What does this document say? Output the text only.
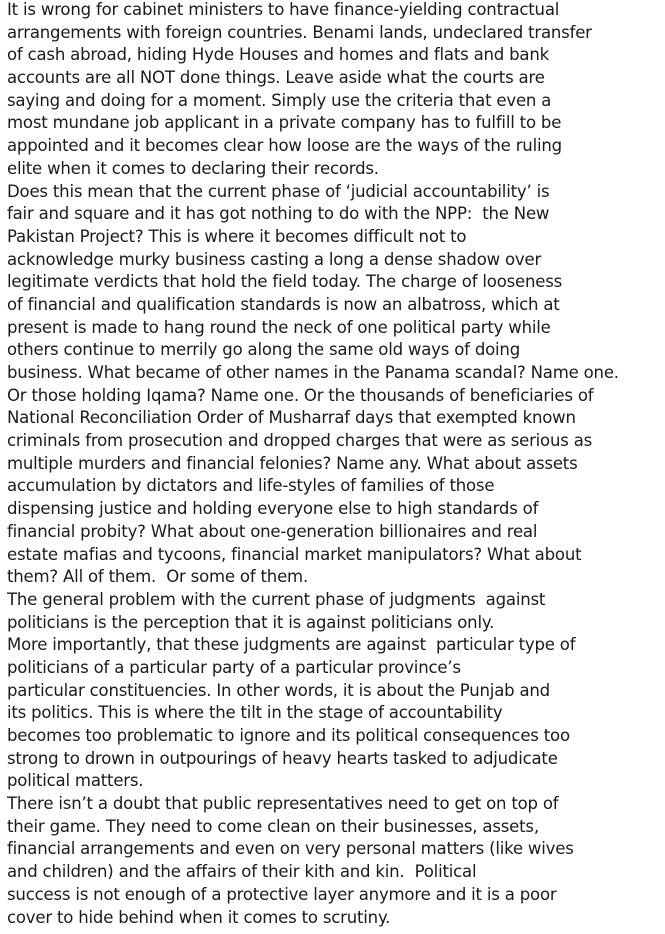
It is wrong for cabinet ministers to have finance-yielding contractual
arrangements with foreign countries. Benami lands, undeclared transfer
of cash abroad, hiding Hyde Houses and homes and flats and bank
accounts are all NOT done things. Leave aside what the courts are
saying and doing for a moment. Simply use the criteria that even a
most mundane job applicant in a private company has to fulfill to be
appointed and it becomes clear how loose are the ways of the ruling
elite when it comes to declaring their records.
Does this mean that the current phase of ‘judicial accountability’ is
fair and square and it has got nothing to do with the NPP:  the New
Pakistan Project? This is where it becomes difficult not to
acknowledge murky business casting a long a dense shadow over
legitimate verdicts that hold the field today. The charge of looseness
of financial and qualification standards is now an albatross, which at
present is made to hang round the neck of one political party while
others continue to merrily go along the same old ways of doing
business. What became of other names in the Panama scandal? Name one.
Or those holding Iqama? Name one. Or the thousands of beneficiaries of
National Reconciliation Order of Musharraf days that exempted known
criminals from prosecution and dropped charges that were as serious as
multiple murders and financial felonies? Name any. What about assets
accumulation by dictators and life-styles of families of those
dispensing justice and holding everyone else to high standards of
financial probity? What about one-generation billionaires and real
estate mafias and tycoons, financial market manipulators? What about
them? All of them.  Or some of them.
The general problem with the current phase of judgments  against
politicians is the perception that it is against politicians only.
More importantly, that these judgments are against  particular type of
politicians of a particular party of a particular province’s
particular constituencies. In other words, it is about the Punjab and
its politics. This is where the tilt in the stage of accountability
becomes too problematic to ignore and its political consequences too
strong to drown in outpourings of heavy hearts tasked to adjudicate
political matters.
There isn’t a doubt that public representatives need to get on top of
their game. They need to come clean on their businesses, assets,
financial arrangements and even on very personal matters (like wives
and children) and the affairs of their kith and kin.  Political
success is not enough of a protective layer anymore and it is a poor
cover to hide behind when it comes to scrutiny.
